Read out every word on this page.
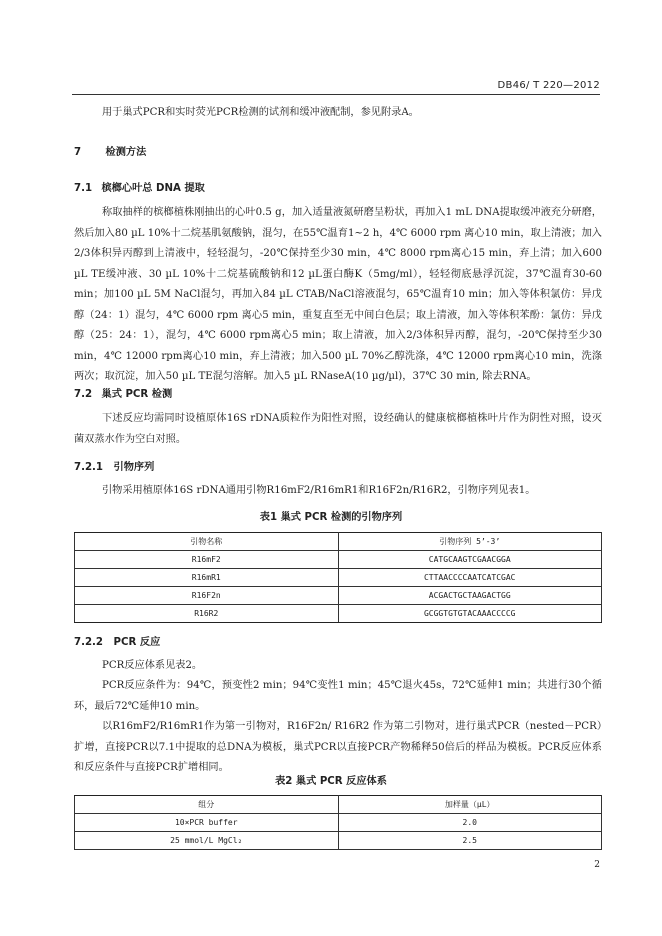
DB46/ T 220—2012

用于巢式PCR和实时荧光PCR检测的试剂和缓冲液配制，参见附录A。

7 检测方法
7.1 槟榔心叶总 DNA 提取

称取抽样的槟榔植株刚抽出的心叶0.5 g，加入适量液氮研磨呈粉状，再加入1 mL DNA提取缓冲液充分研磨，然后加入80 µL 10%十二烷基肌氨酸钠，混匀，在55℃温育1~2 h，4℃ 6000 rpm 离心10 min，取上清液；加入2/3体积异丙醇到上清液中，轻轻混匀，-20℃保持至少30 min，4℃ 8000 rpm离心15 min，弃上清；加入600 µL TE缓冲液、30 µL 10%十二烷基硫酸钠和12 µL蛋白酶K（5mg/ml），轻轻彻底悬浮沉淀，37℃温育30-60 min；加100 µL 5M NaCl混匀，再加入84 µL CTAB/NaCl溶液混匀，65℃温育10 min；加入等体积氯仿：异戊醇（24：1）混匀，4℃ 6000 rpm 离心5 min，重复直至无中间白色层；取上清液，加入等体积苯酚：氯仿：异戊醇（25：24：1），混匀，4℃ 6000 rpm离心5 min；取上清液，加入2/3体积异丙醇，混匀，-20℃保持至少30 min，4℃ 12000 rpm离心10 min，弃上清液；加入500 µL 70%乙醇洗涤，4℃ 12000 rpm离心10 min，洗涤两次；取沉淀，加入50 µL TE混匀溶解。加入5 µL RNaseA(10 µg/µl)，37℃ 30 min, 除去RNA。

7.2 巢式 PCR 检测

下述反应均需同时设植原体16S rDNA质粒作为阳性对照，设经确认的健康槟榔植株叶片作为阴性对照，设灭菌双蒸水作为空白对照。

7.2.1 引物序列

引物采用植原体16S rDNA通用引物R16mF2/R16mR1和R16F2n/R16R2，引物序列见表1。

表1 巢式 PCR 检测的引物序列
引物名称	引物序列 5’-3’
R16mF2	CATGCAAGTCGAACGGA
R16mR1	CTTAACCCCAATCATCGAC
R16F2n	ACGACTGCTAAGACTGG
R16R2	GCGGTGTGTACAAACCCCG
7.2.2 PCR 反应

PCR反应体系见表2。

PCR反应条件为：94℃，预变性2 min；94℃变性1 min；45℃退火45s，72℃延伸1 min；共进行30个循环，最后72℃延伸10 min。

以R16mF2/R16mR1作为第一引物对，R16F2n/ R16R2 作为第二引物对，进行巢式PCR（nested－PCR）扩增，直接PCR以7.1中提取的总DNA为模板，巢式PCR以直接PCR产物稀释50倍后的样品为模板。PCR反应体系和反应条件与直接PCR扩增相同。

表2 巢式 PCR 反应体系
组分	加样量（µL）
10×PCR buffer	2.0
25 mmol/L MgCl₂	2.5
2
